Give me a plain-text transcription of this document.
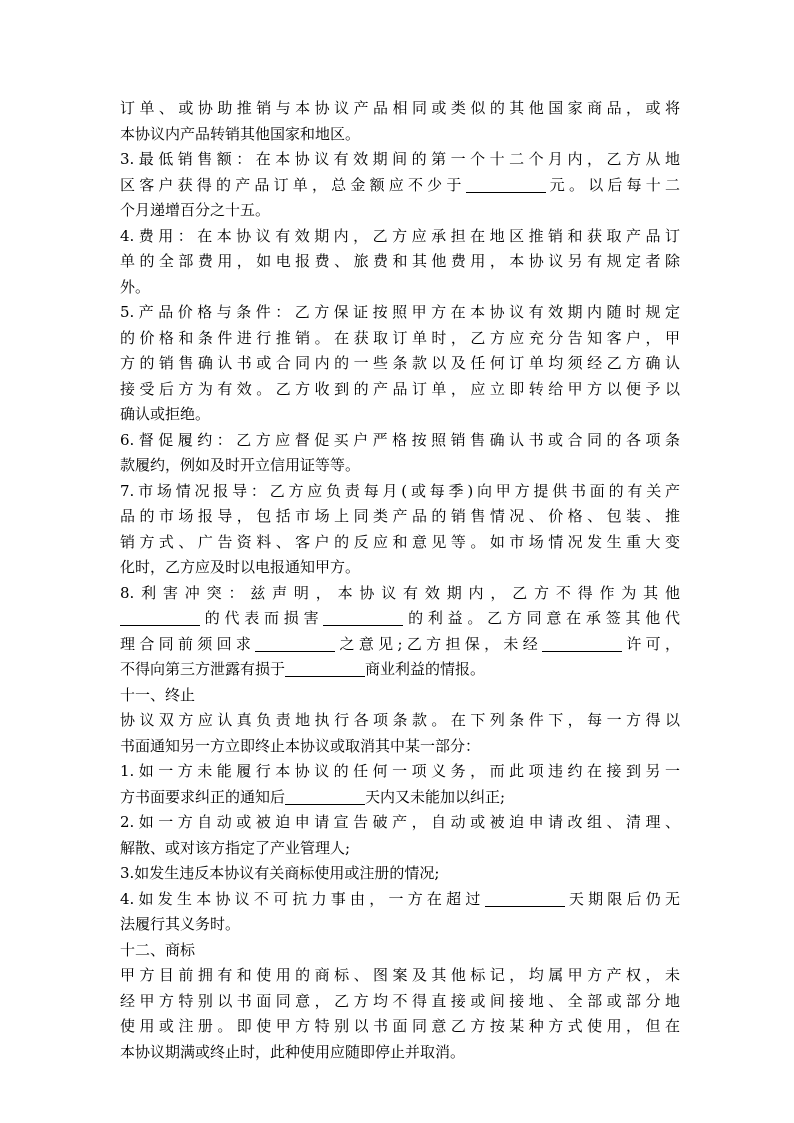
订单、或协助推销与本协议产品相同或类似的其他国家商品，或将
本协议内产品转销其他国家和地区。
3.最低销售额：在本协议有效期间的第一个十二个月内，乙方从地
区客户获得的产品订单，总金额应不少于	元。以后每十二
个月递增百分之十五。
4.费用：在本协议有效期内，乙方应承担在地区推销和获取产品订
单的全部费用，如电报费、旅费和其他费用，本协议另有规定者除
外。
5.产品价格与条件：乙方保证按照甲方在本协议有效期内随时规定
的价格和条件进行推销。在获取订单时，乙方应充分告知客户，甲
方的销售确认书或合同内的一些条款以及任何订单均须经乙方确认
接受后方为有效。乙方收到的产品订单，应立即转给甲方以便予以
确认或拒绝。
6.督促履约：乙方应督促买户严格按照销售确认书或合同的各项条
款履约，例如及时开立信用证等等。
7.市场情况报导：乙方应负责每月(或每季)向甲方提供书面的有关产
品的市场报导，包括市场上同类产品的销售情况、价格、包装、推
销方式、广告资料、客户的反应和意见等。如市场情况发生重大变
化时，乙方应及时以电报通知甲方。
8.利害冲突：兹声明，本协议有效期内，乙方不得作为其他
的代表而损害	的利益。乙方同意在承签其他代
理合同前须回求	之意见;乙方担保，未经	许可，
不得向第三方泄露有损于	商业利益的情报。
十一、终止
协议双方应认真负责地执行各项条款。在下列条件下，每一方得以
书面通知另一方立即终止本协议或取消其中某一部分：
1.如一方未能履行本协议的任何一项义务，而此项违约在接到另一
方书面要求纠正的通知后	天内又未能加以纠正;
2.如一方自动或被迫申请宣告破产，自动或被迫申请改组、清理、
解散、或对该方指定了产业管理人;
3.如发生违反本协议有关商标使用或注册的情况;
4.如发生本协议不可抗力事由，一方在超过	天期限后仍无
法履行其义务时。
十二、商标
甲方目前拥有和使用的商标、图案及其他标记，均属甲方产权，未
经甲方特别以书面同意，乙方均不得直接或间接地、全部或部分地
使用或注册。即使甲方特别以书面同意乙方按某种方式使用，但在
本协议期满或终止时，此种使用应随即停止并取消。
